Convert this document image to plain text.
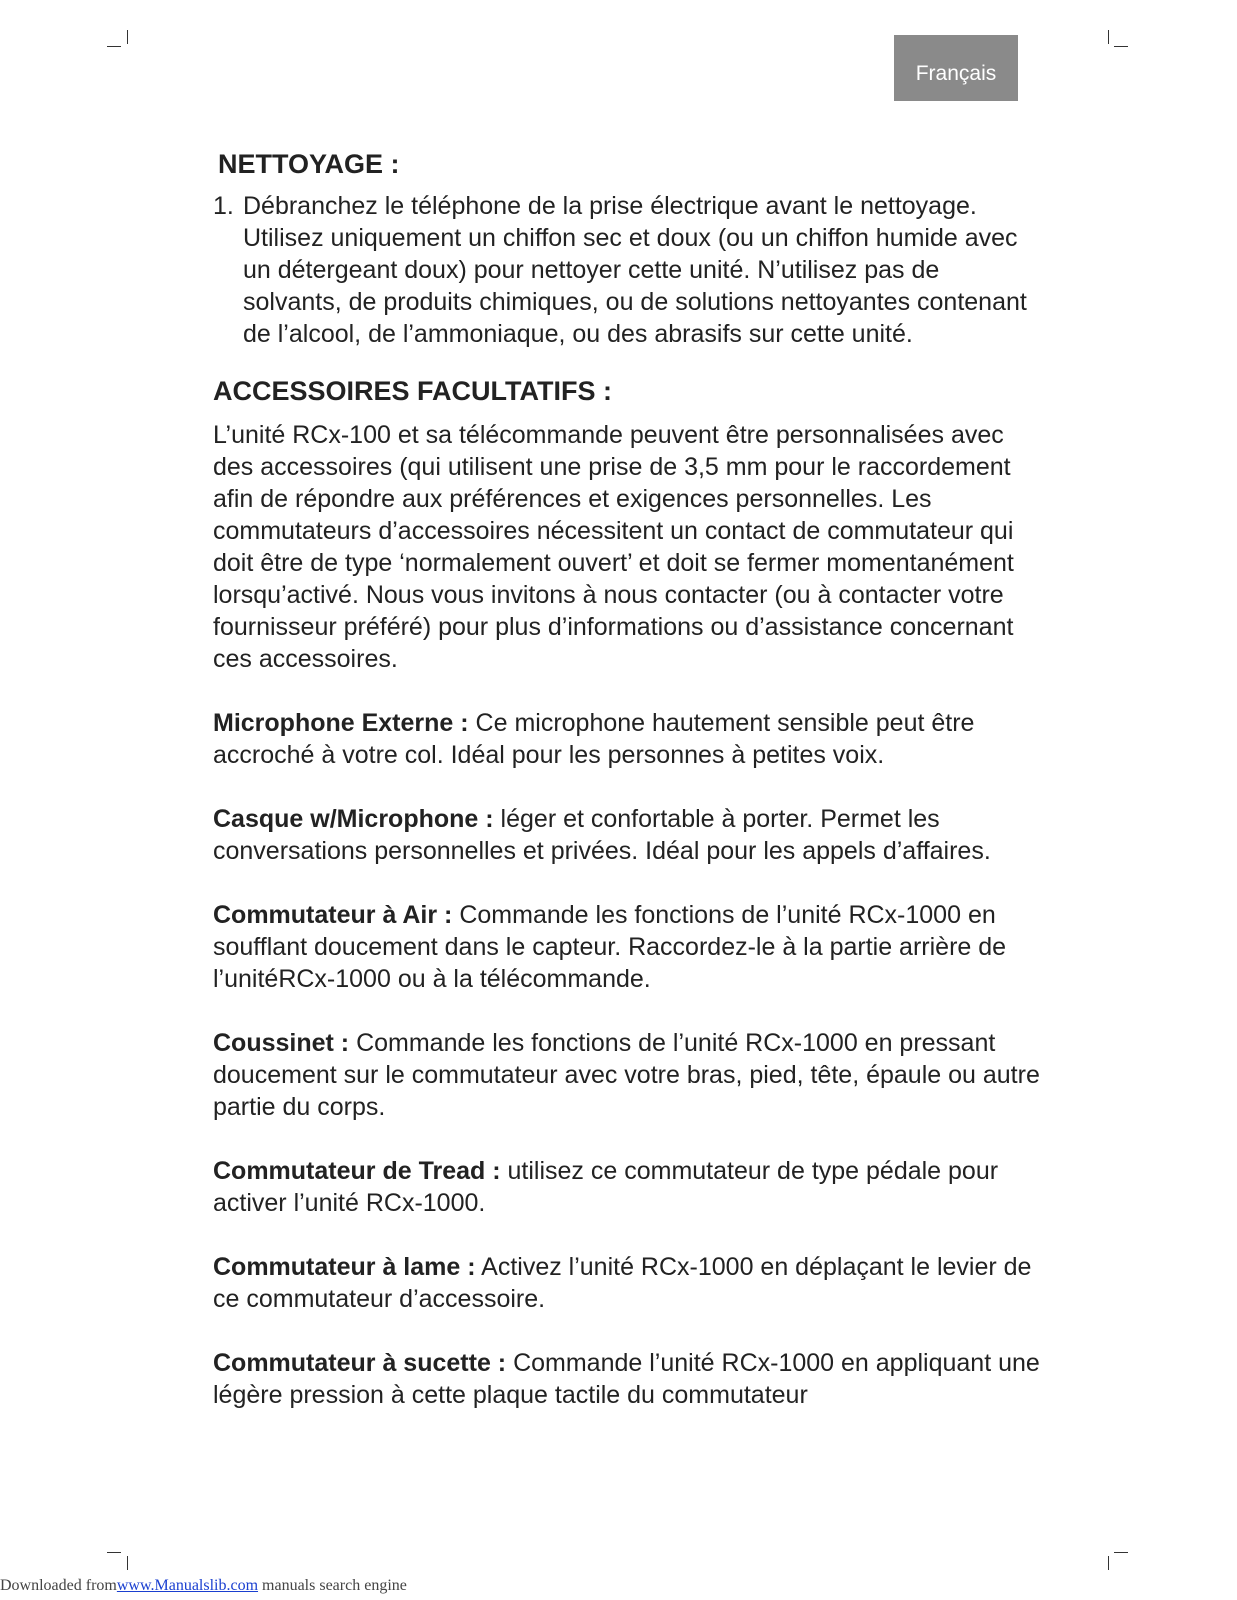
Français
NETTOYAGE :
1. Débranchez le téléphone de la prise électrique avant le nettoyage. Utilisez uniquement un chiffon sec et doux (ou un chiffon humide avec un détergeant doux) pour nettoyer cette unité. N’utilisez pas de solvants, de produits chimiques, ou de solutions nettoyantes contenant de l’alcool, de l’ammoniaque, ou des abrasifs sur cette unité.
ACCESSOIRES FACULTATIFS :

L’unité RCx-100 et sa télécommande peuvent être personnalisées avec des accessoires (qui utilisent une prise de 3,5 mm pour le raccordement afin de répondre aux préférences et exigences personnelles. Les commutateurs d’accessoires nécessitent un contact de commutateur qui doit être de type ‘normalement ouvert’ et doit se fermer momentanément lorsqu’activé. Nous vous invitons à nous contacter (ou à contacter votre fournisseur préféré) pour plus d’informations ou d’assistance concernant ces accessoires.

Microphone Externe : Ce microphone hautement sensible peut être accroché à votre col. Idéal pour les personnes à petites voix.

Casque w/Microphone : léger et confortable à porter. Permet les conversations personnelles et privées. Idéal pour les appels d’affaires.

Commutateur à Air : Commande les fonctions de l’unité RCx-1000 en soufflant doucement dans le capteur. Raccordez-le à la partie arrière de l’unitéRCx-1000 ou à la télécommande.

Coussinet : Commande les fonctions de l’unité RCx-1000 en pressant doucement sur le commutateur avec votre bras, pied, tête, épaule ou autre partie du corps.

Commutateur de Tread : utilisez ce commutateur de type pédale pour activer l’unité RCx-1000.

Commutateur à lame : Activez l’unité RCx-1000 en déplaçant le levier de ce commutateur d’accessoire.

Commutateur à sucette : Commande l’unité RCx-1000 en appliquant une légère pression à cette plaque tactile du commutateur

Downloaded fromwww.Manualslib.com manuals search engine
